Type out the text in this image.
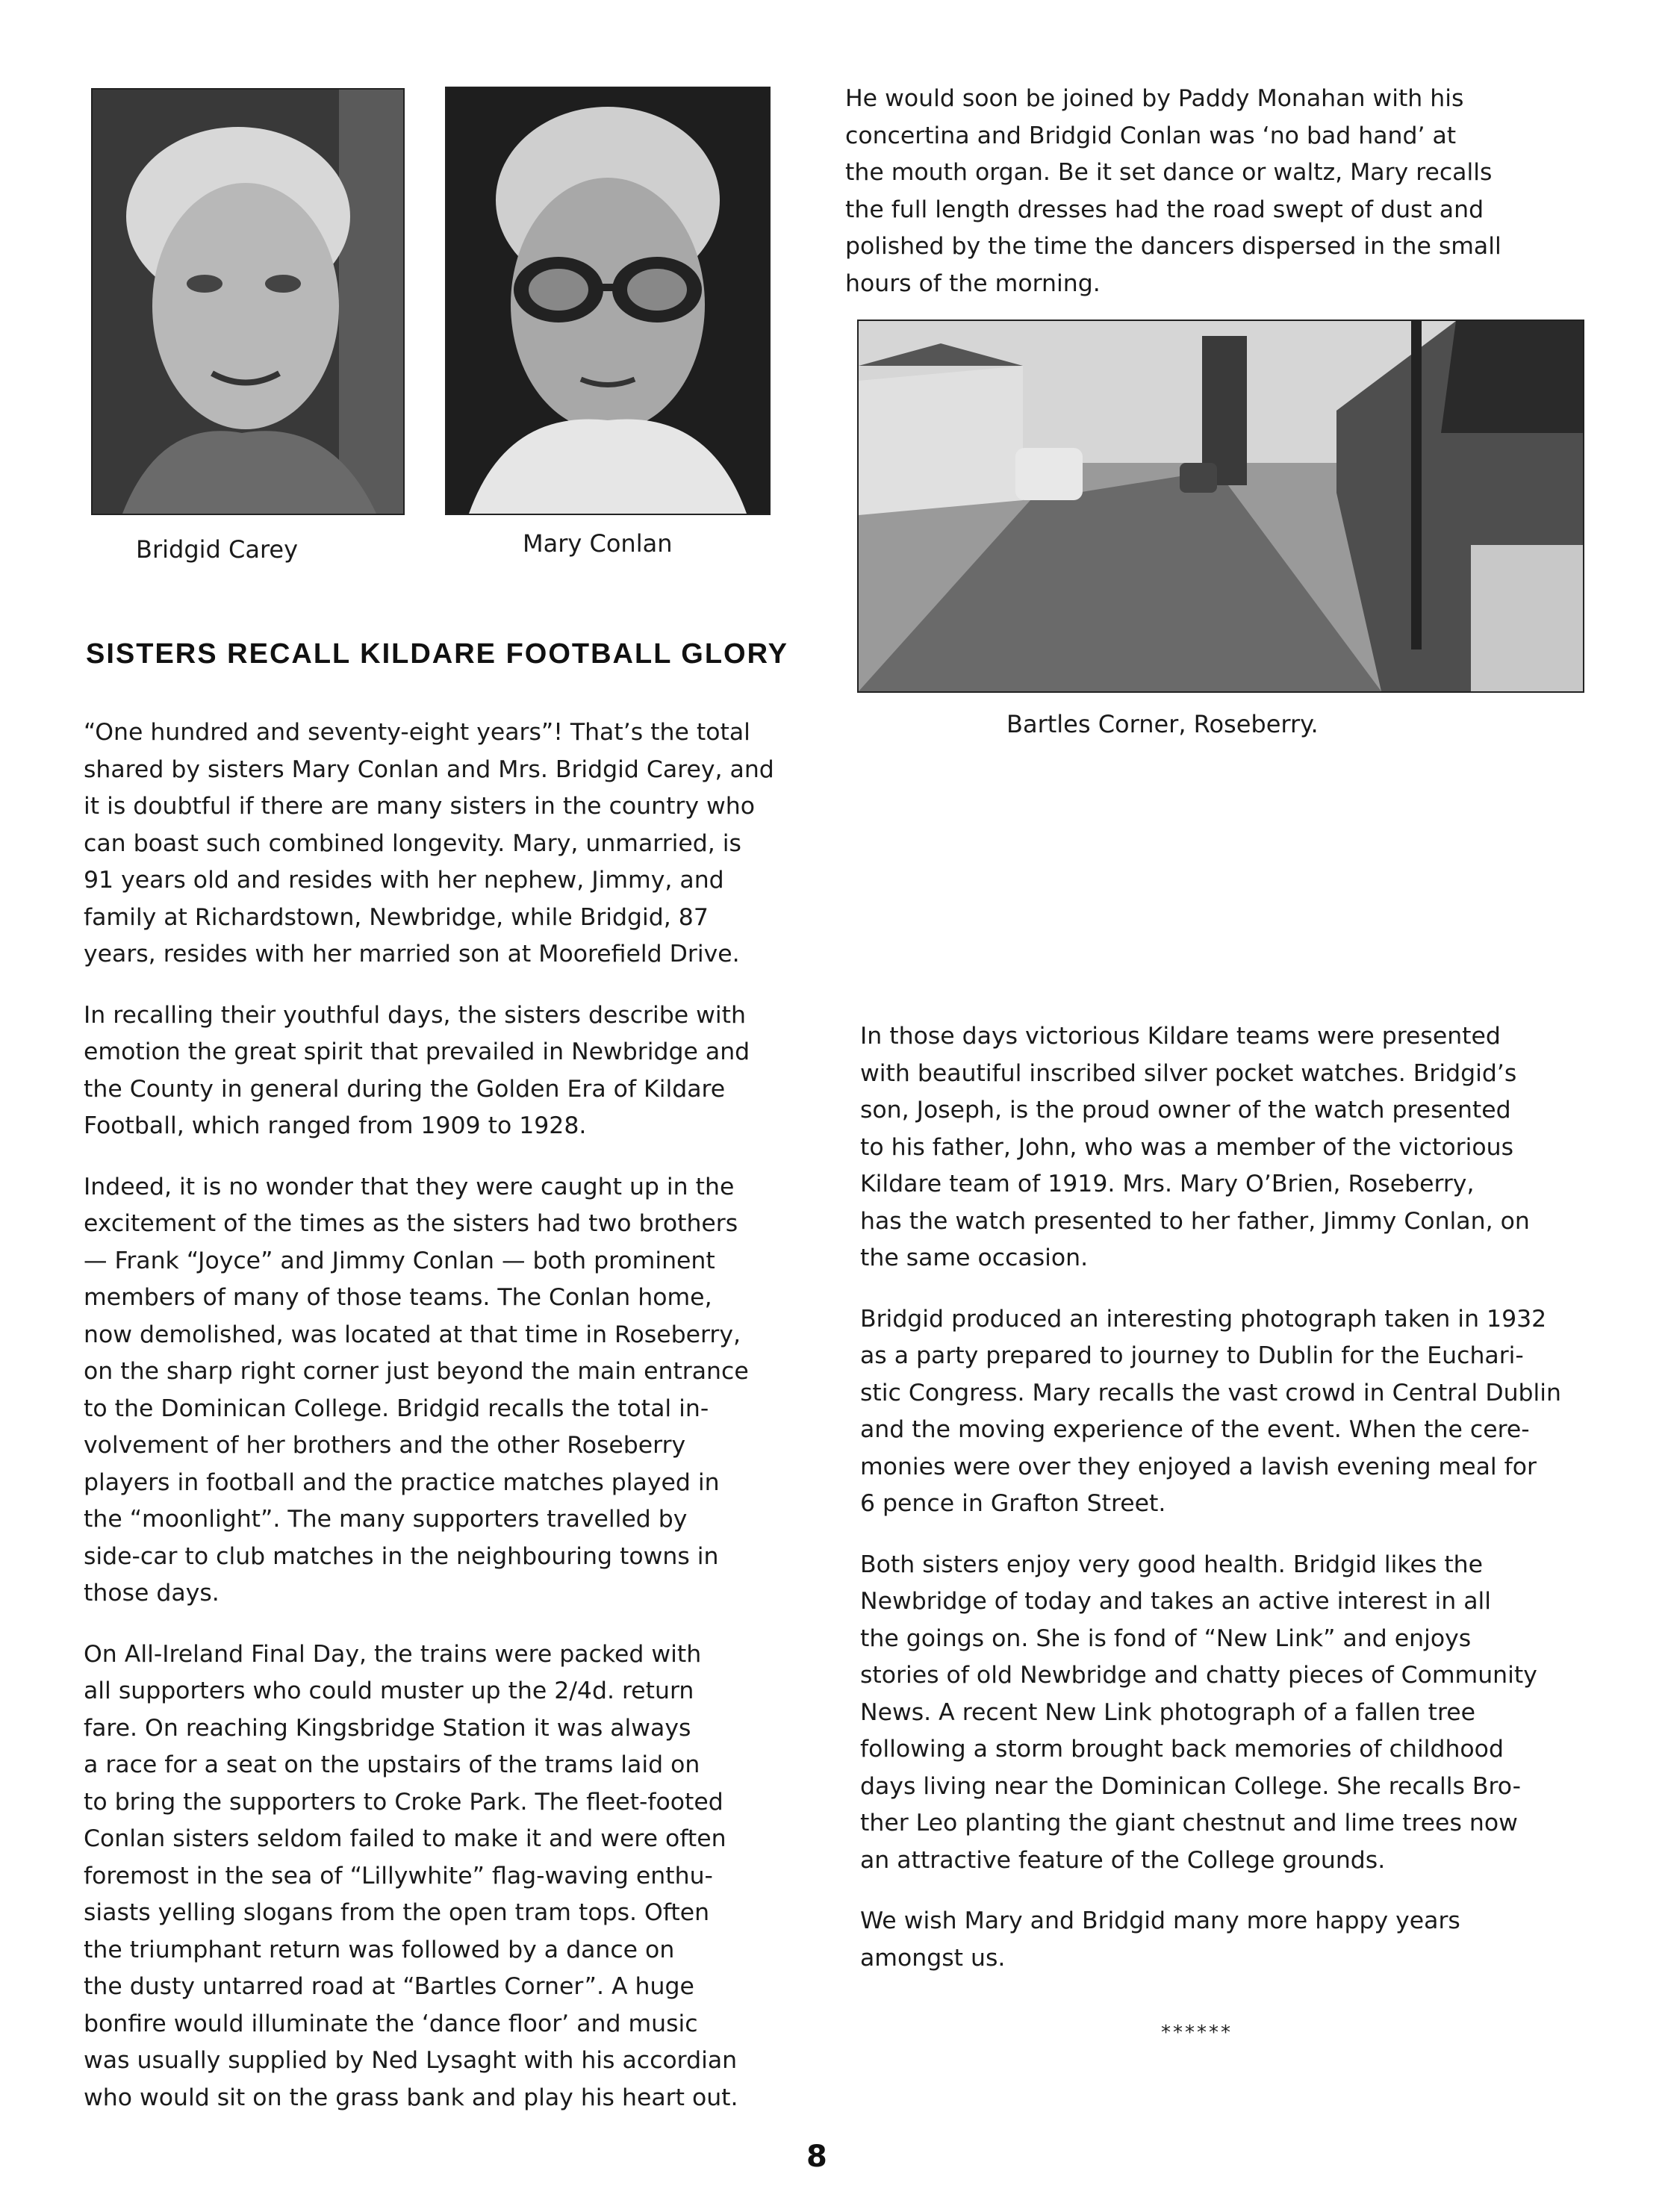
Bridgid Carey	Mary Conlan
Bartles Corner, Roseberry.
SISTERS RECALL KILDARE FOOTBALL GLORY

“One hundred and seventy-eight years”! That’s the total
shared by sisters Mary Conlan and Mrs. Bridgid Carey, and
it is doubtful if there are many sisters in the country who
can boast such combined longevity. Mary, unmarried, is
91 years old and resides with her nephew, Jimmy, and
family at Richardstown, Newbridge, while Bridgid, 87
years, resides with her married son at Moorefield Drive.

In recalling their youthful days, the sisters describe with
emotion the great spirit that prevailed in Newbridge and
the County in general during the Golden Era of Kildare
Football, which ranged from 1909 to 1928.

Indeed, it is no wonder that they were caught up in the
excitement of the times as the sisters had two brothers
— Frank “Joyce” and Jimmy Conlan — both prominent
members of many of those teams. The Conlan home,
now demolished, was located at that time in Roseberry,
on the sharp right corner just beyond the main entrance
to the Dominican College. Bridgid recalls the total in-
volvement of her brothers and the other Roseberry
players in football and the practice matches played in
the “moonlight”. The many supporters travelled by
side-car to club matches in the neighbouring towns in
those days.

On All-Ireland Final Day, the trains were packed with
all supporters who could muster up the 2/4d. return
fare. On reaching Kingsbridge Station it was always
a race for a seat on the upstairs of the trams laid on
to bring the supporters to Croke Park. The fleet-footed
Conlan sisters seldom failed to make it and were often
foremost in the sea of “Lillywhite” flag-waving enthu-
siasts yelling slogans from the open tram tops. Often
the triumphant return was followed by a dance on
the dusty untarred road at “Bartles Corner”. A huge
bonfire would illuminate the ‘dance floor’ and music
was usually supplied by Ned Lysaght with his accordian
who would sit on the grass bank and play his heart out.

He would soon be joined by Paddy Monahan with his
concertina and Bridgid Conlan was ‘no bad hand’ at
the mouth organ. Be it set dance or waltz, Mary recalls
the full length dresses had the road swept of dust and
polished by the time the dancers dispersed in the small
hours of the morning.

In those days victorious Kildare teams were presented
with beautiful inscribed silver pocket watches. Bridgid’s
son, Joseph, is the proud owner of the watch presented
to his father, John, who was a member of the victorious
Kildare team of 1919. Mrs. Mary O’Brien, Roseberry,
has the watch presented to her father, Jimmy Conlan, on
the same occasion.

Bridgid produced an interesting photograph taken in 1932
as a party prepared to journey to Dublin for the Euchari-
stic Congress. Mary recalls the vast crowd in Central Dublin
and the moving experience of the event. When the cere-
monies were over they enjoyed a lavish evening meal for
6 pence in Grafton Street.

Both sisters enjoy very good health. Bridgid likes the
Newbridge of today and takes an active interest in all
the goings on. She is fond of “New Link” and enjoys
stories of old Newbridge and chatty pieces of Community
News. A recent New Link photograph of a fallen tree
following a storm brought back memories of childhood
days living near the Dominican College. She recalls Bro-
ther Leo planting the giant chestnut and lime trees now
an attractive feature of the College grounds.

We wish Mary and Bridgid many more happy years
amongst us.

******
8
